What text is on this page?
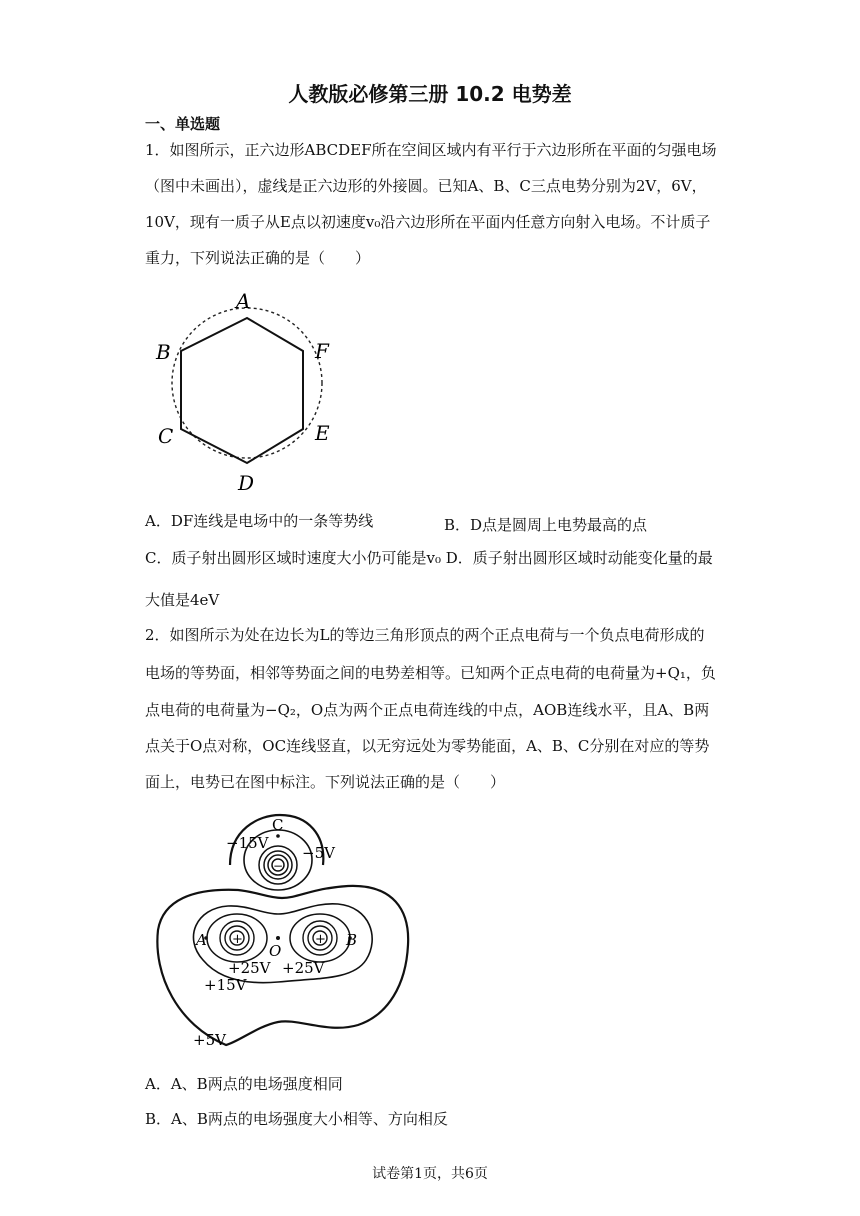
人教版必修第三册 10.2 电势差
一、单选题
1．如图所示，正六边形ABCDEF所在空间区域内有平行于六边形所在平面的匀强电场
（图中未画出），虚线是正六边形的外接圆。已知A、B、C三点电势分别为2V，6V，
10V，现有一质子从E点以初速度v₀沿六边形所在平面内任意方向射入电场。不计质子
重力，下列说法正确的是（　　）
A
F
B
E
C
D
A．DF连线是电场中的一条等势线	B．D点是圆周上电势最高的点
C．质子射出圆形区域时速度大小仍可能是v₀ D．质子射出圆形区域时动能变化量的最
大值是4eV
2．如图所示为处在边长为L的等边三角形顶点的两个正点电荷与一个负点电荷形成的
电场的等势面，相邻等势面之间的电势差相等。已知两个正点电荷的电荷量为+Q₁，负
点电荷的电荷量为−Q₂，O点为两个正点电荷连线的中点，AOB连线水平，且A、B两
点关于O点对称，OC连线竖直，以无穷远处为零势能面，A、B、C分别在对应的等势
面上，电势已在图中标注。下列说法正确的是（　　）
−
C
−15V
−5V
+	+
A	B
O
+25V +25V
+15V
+5V
A．A、B两点的电场强度相同
B．A、B两点的电场强度大小相等、方向相反
试卷第1页，共6页
